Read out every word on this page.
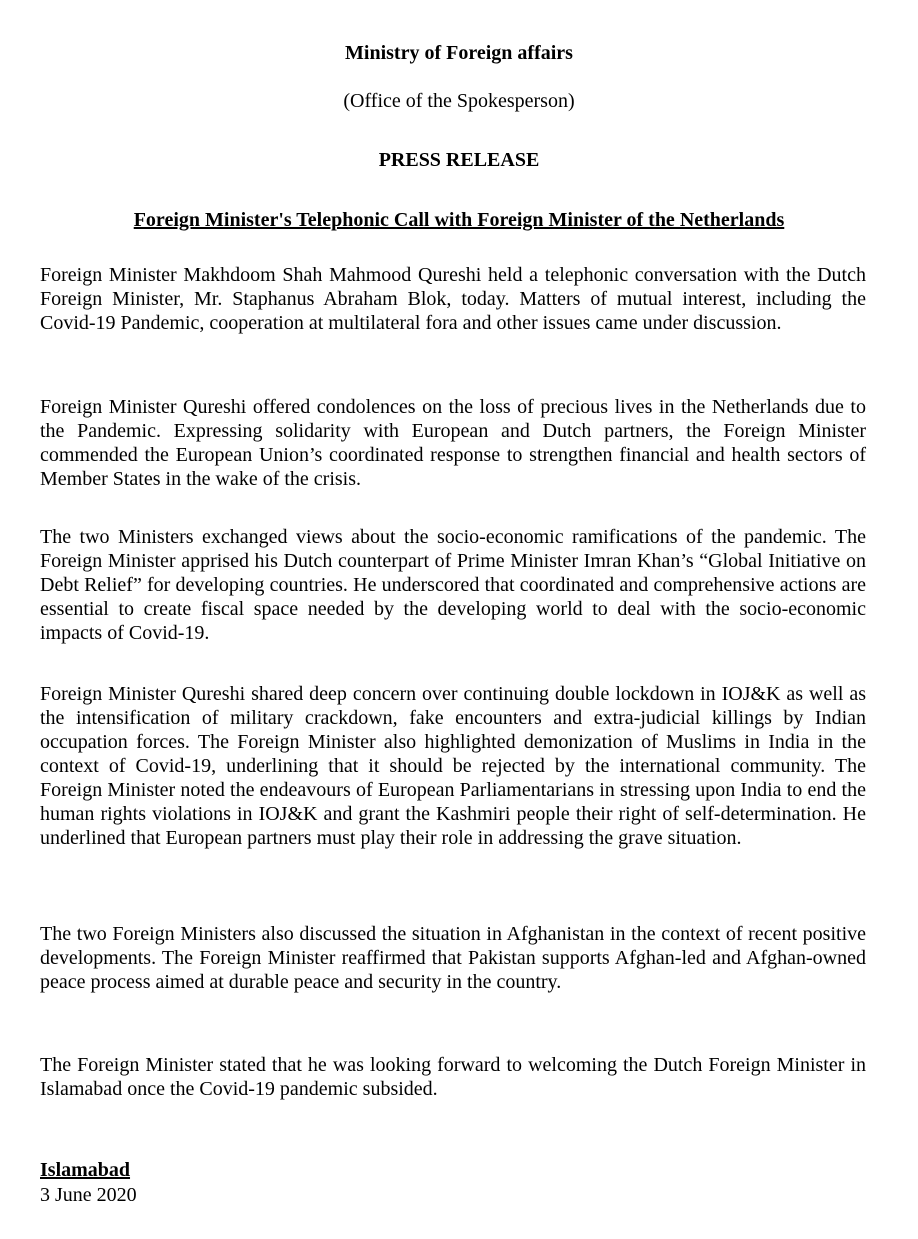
Ministry of Foreign affairs

(Office of the Spokesperson)

PRESS RELEASE

Foreign Minister's Telephonic Call with Foreign Minister of the Netherlands

Foreign Minister Makhdoom Shah Mahmood Qureshi held a telephonic conversation with the Dutch Foreign Minister, Mr. Staphanus Abraham Blok, today. Matters of mutual interest, including the Covid-19 Pandemic, cooperation at multilateral fora and other issues came under discussion.

Foreign Minister Qureshi offered condolences on the loss of precious lives in the Netherlands due to the Pandemic. Expressing solidarity with European and Dutch partners, the Foreign Minister commended the European Union’s coordinated response to strengthen financial and health sectors of Member States in the wake of the crisis.

The two Ministers exchanged views about the socio-economic ramifications of the pandemic. The Foreign Minister apprised his Dutch counterpart of Prime Minister Imran Khan’s “Global Initiative on Debt Relief” for developing countries. He underscored that coordinated and comprehensive actions are essential to create fiscal space needed by the developing world to deal with the socio-economic impacts of Covid-19.

Foreign Minister Qureshi shared deep concern over continuing double lockdown in IOJ&K as well as the intensification of military crackdown, fake encounters and extra-judicial killings by Indian occupation forces. The Foreign Minister also highlighted demonization of Muslims in India in the context of Covid-19, underlining that it should be rejected by the international community. The Foreign Minister noted the endeavours of European Parliamentarians in stressing upon India to end the human rights violations in IOJ&K and grant the Kashmiri people their right of self-determination. He underlined that European partners must play their role in addressing the grave situation.

The two Foreign Ministers also discussed the situation in Afghanistan in the context of recent positive developments. The Foreign Minister reaffirmed that Pakistan supports Afghan-led and Afghan-owned peace process aimed at durable peace and security in the country.

The Foreign Minister stated that he was looking forward to welcoming the Dutch Foreign Minister in Islamabad once the Covid-19 pandemic subsided.

Islamabad

3 June 2020
